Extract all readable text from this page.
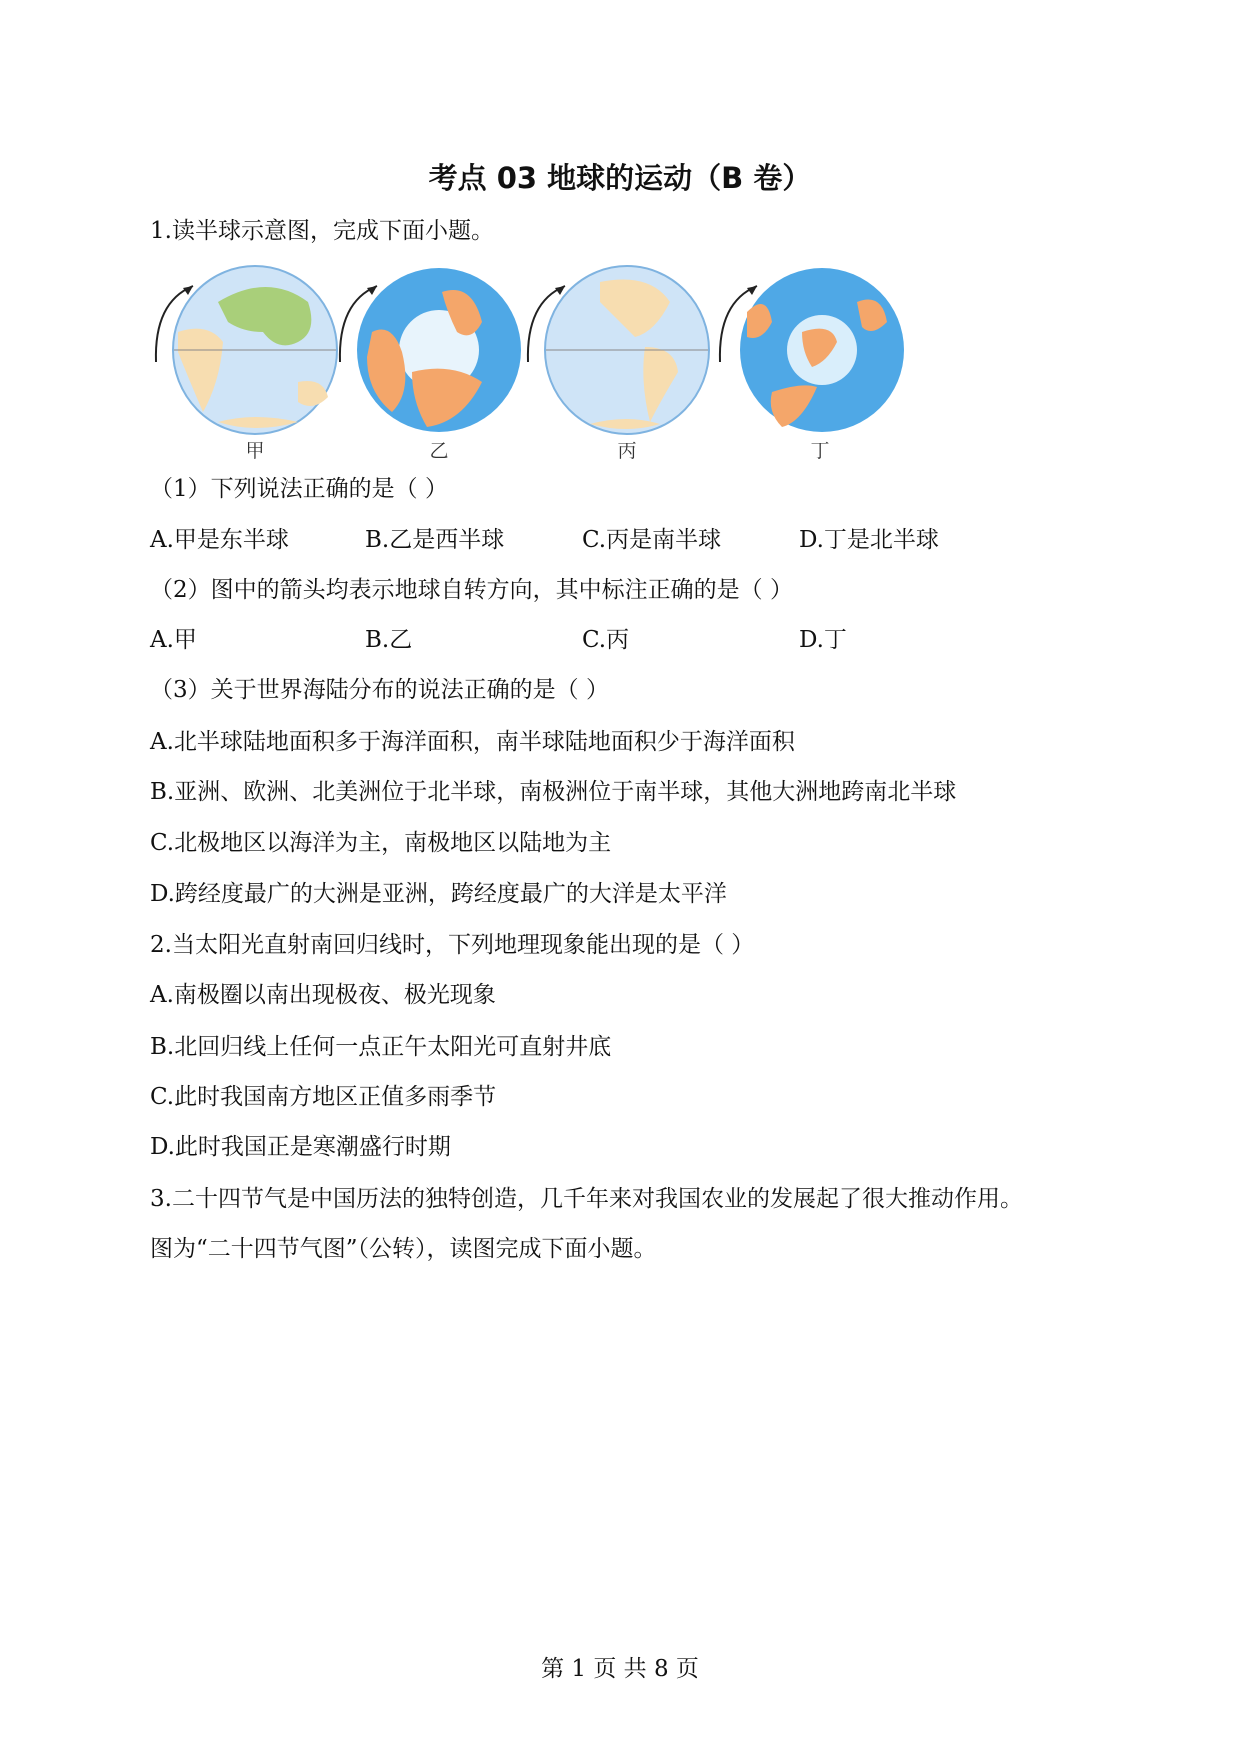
考点 03 地球的运动（B 卷）
1.读半球示意图，完成下面小题。
甲	乙	丙	丁
（1）下列说法正确的是（ ）
A.甲是东半球	B.乙是西半球	C.丙是南半球	D.丁是北半球
（2）图中的箭头均表示地球自转方向，其中标注正确的是（ ）
A.甲	B.乙	C.丙	D.丁
（3）关于世界海陆分布的说法正确的是（ ）
A.北半球陆地面积多于海洋面积，南半球陆地面积少于海洋面积
B.亚洲、欧洲、北美洲位于北半球，南极洲位于南半球，其他大洲地跨南北半球
C.北极地区以海洋为主，南极地区以陆地为主
D.跨经度最广的大洲是亚洲，跨经度最广的大洋是太平洋
2.当太阳光直射南回归线时，下列地理现象能出现的是（ ）
A.南极圈以南出现极夜、极光现象
B.北回归线上任何一点正午太阳光可直射井底
C.此时我国南方地区正值多雨季节
D.此时我国正是寒潮盛行时期
3.二十四节气是中国历法的独特创造，几千年来对我国农业的发展起了很大推动作用。
图为“二十四节气图”（公转），读图完成下面小题。
第 1 页 共 8 页
